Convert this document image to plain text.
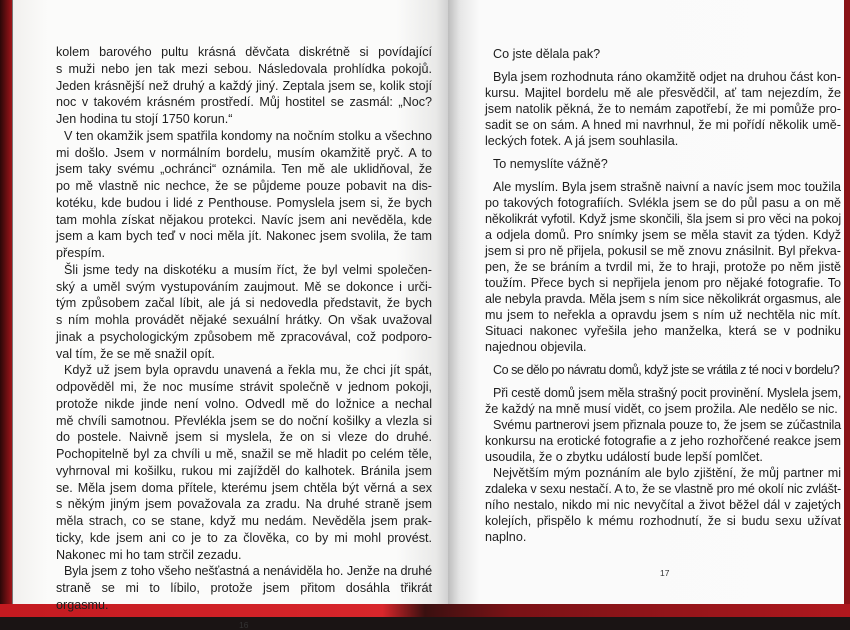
kolem barového pultu krásná děvčata diskrétně si povídající
s muži nebo jen tak mezi sebou. Následovala prohlídka pokojů.
Jeden krásnější než druhý a každý jiný. Zeptala jsem se, kolik stojí
noc v takovém krásném prostředí. Můj hostitel se zasmál: „Noc?
Jen hodina tu stojí 1750 korun.“
V ten okamžik jsem spatřila kondomy na nočním stolku a všechno
mi došlo. Jsem v normálním bordelu, musím okamžitě pryč. A to
jsem taky svému „ochránci“ oznámila. Ten mě ale uklidňoval, že
po mě vlastně nic nechce, že se půjdeme pouze pobavit na dis-
kotéku, kde budou i lidé z Penthouse. Pomyslela jsem si, že bych
tam mohla získat nějakou protekci. Navíc jsem ani nevěděla, kde
jsem a kam bych teď v noci měla jít. Nakonec jsem svolila, že tam
přespím.
Šli jsme tedy na diskotéku a musím říct, že byl velmi společen-
ský a uměl svým vystupováním zaujmout. Mě se dokonce i urči-
tým způsobem začal líbit, ale já si nedovedla představit, že bych
s ním mohla provádět nějaké sexuální hrátky. On však uvažoval
jinak a psychologickým způsobem mě zpracovával, což podporo-
val tím, že se mě snažil opít.
Když už jsem byla opravdu unavená a řekla mu, že chci jít spát,
odpověděl mi, že noc musíme strávit společně v jednom pokoji,
protože nikde jinde není volno. Odvedl mě do ložnice a nechal
mě chvíli samotnou. Převlékla jsem se do noční košilky a vlezla si
do postele. Naivně jsem si myslela, že on si vleze do druhé.
Pochopitelně byl za chvíli u mě, snažil se mě hladit po celém těle,
vyhrnoval mi košilku, rukou mi zajížděl do kalhotek. Bránila jsem
se. Měla jsem doma přítele, kterému jsem chtěla být věrná a sex
s někým jiným jsem považovala za zradu. Na druhé straně jsem
měla strach, co se stane, když mu nedám. Nevěděla jsem prak-
ticky, kde jsem ani co je to za člověka, co by mi mohl provést.
Nakonec mi ho tam strčil zezadu.
Byla jsem z toho všeho nešťastná a nenáviděla ho. Jenže na druhé
straně se mi to líbilo, protože jsem přitom dosáhla třikrát
orgasmu.
16
Co jste dělala pak?
Byla jsem rozhodnuta ráno okamžitě odjet na druhou část kon-
kursu. Majitel bordelu mě ale přesvědčil, ať tam nejezdím, že
jsem natolik pěkná, že to nemám zapotřebí, že mi pomůže pro-
sadit se on sám. A hned mi navrhnul, že mi pořídí několik umě-
leckých fotek. A já jsem souhlasila.
To nemyslíte vážně?
Ale myslím. Byla jsem strašně naivní a navíc jsem moc toužila
po takových fotografiích. Svlékla jsem se do půl pasu a on mě
několikrát vyfotil. Když jsme skončili, šla jsem si pro věci na pokoj
a odjela domů. Pro snímky jsem se měla stavit za týden. Když
jsem si pro ně přijela, pokusil se mě znovu znásilnit. Byl překva-
pen, že se bráním a tvrdil mi, že to hraji, protože po něm jistě
toužím. Přece bych si nepřijela jenom pro nějaké fotografie. To
ale nebyla pravda. Měla jsem s ním sice několikrát orgasmus, ale
mu jsem to neřekla a opravdu jsem s ním už nechtěla nic mít.
Situaci nakonec vyřešila jeho manželka, která se v podniku
najednou objevila.
Co se dělo po návratu domů, když jste se vrátila z té noci v bordelu?
Při cestě domů jsem měla strašný pocit provinění. Myslela jsem,
že každý na mně musí vidět, co jsem prožila. Ale nedělo se nic.
Svému partnerovi jsem přiznala pouze to, že jsem se zúčastnila
konkursu na erotické fotografie a z jeho rozhořčené reakce jsem
usoudila, že o zbytku událostí bude lepší pomlčet.
Největším mým poznáním ale bylo zjištění, že můj partner mi
zdaleka v sexu nestačí. A to, že se vlastně pro mé okolí nic zvlášt-
ního nestalo, nikdo mi nic nevyčítal a život běžel dál v zajetých
kolejích, přispělo k mému rozhodnutí, že si budu sexu užívat
naplno.
17
